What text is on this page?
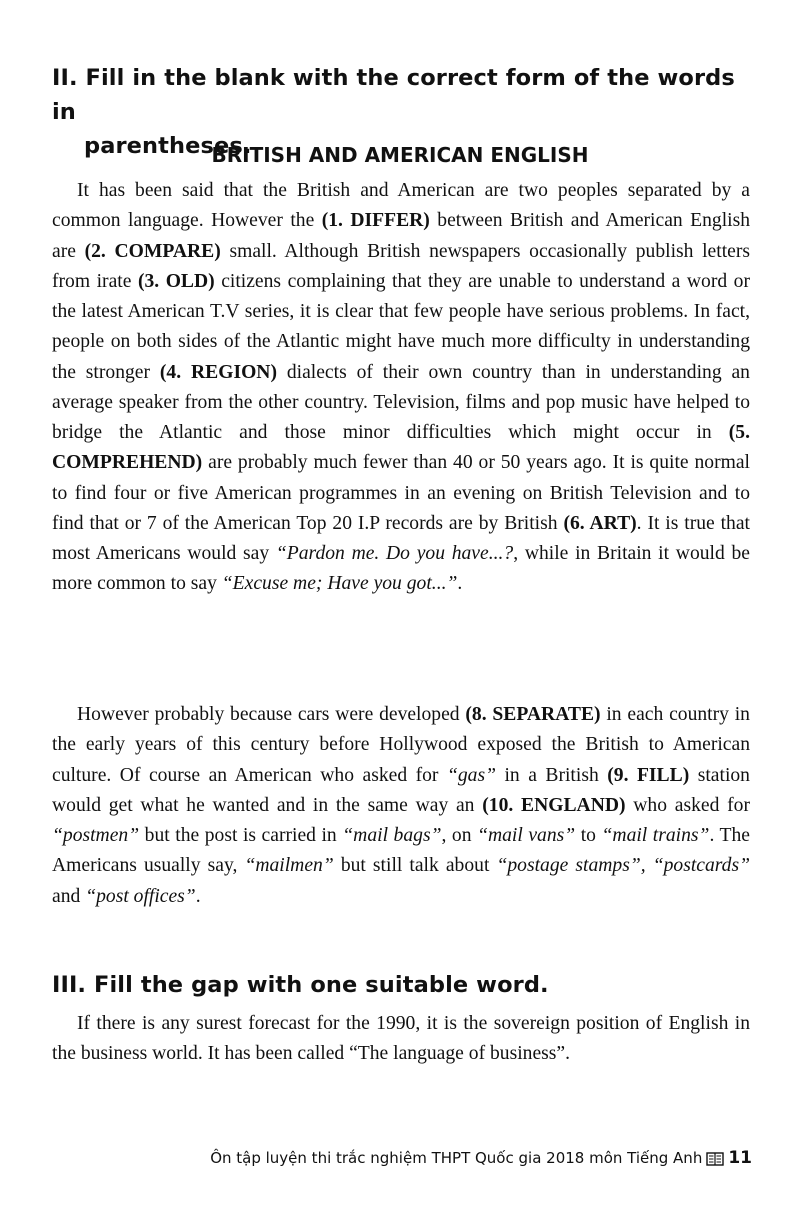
II. Fill in the blank with the correct form of the words in
parentheses.
BRITISH AND AMERICAN ENGLISH

It has been said that the British and American are two peoples separated by a common language. However the (1. DIFFER) between British and American English are (2. COMPARE) small. Although British newspapers occasionally publish letters from irate (3. OLD) citizens complaining that they are unable to understand a word or the latest American T.V series, it is clear that few people have serious problems. In fact, people on both sides of the Atlantic might have much more difficulty in understanding the stronger (4. REGION) dialects of their own country than in understanding an average speaker from the other country. Television, films and pop music have helped to bridge the Atlantic and those minor difficulties which might occur in (5. COMPREHEND) are probably much fewer than 40 or 50 years ago. It is quite normal to find four or five American programmes in an evening on British Television and to find that or 7 of the American Top 20 I.P records are by British (6. ART). It is true that most Americans would say “Pardon me. Do you have...?, while in Britain it would be more common to say “Excuse me; Have you got...”.

However probably because cars were developed (8. SEPARATE) in each country in the early years of this century before Hollywood exposed the British to American culture. Of course an American who asked for “gas” in a British (9. FILL) station would get what he wanted and in the same way an (10. ENGLAND) who asked for “postmen” but the post is carried in “mail bags”, on “mail vans” to “mail trains”. The Americans usually say, “mailmen” but still talk about “postage stamps”, “postcards” and “post offices”.

III. Fill the gap with one suitable word.

If there is any surest forecast for the 1990, it is the sovereign position of English in the business world. It has been called “The language of business”.

Ôn tập luyện thi trắc nghiệm THPT Quốc gia 2018 môn Tiếng Anh 11
